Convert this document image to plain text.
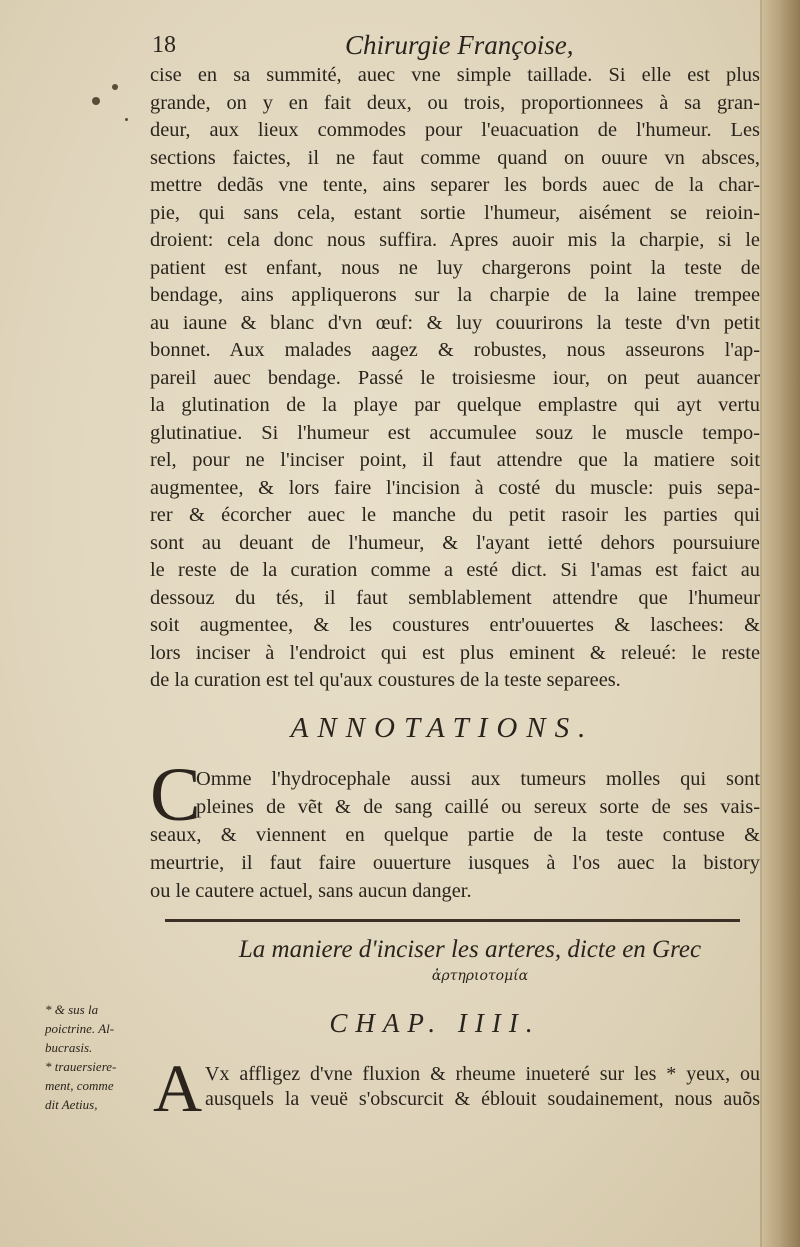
18	Chirurgie Françoise,
cise en sa summité, auec vne simple taillade. Si elle est plus
grande, on y en fait deux, ou trois, proportionnees à sa gran-
deur, aux lieux commodes pour l'euacuation de l'humeur. Les
sections faictes, il ne faut comme quand on ouure vn absces,
mettre dedãs vne tente, ains separer les bords auec de la char-
pie, qui sans cela, estant sortie l'humeur, aisément se reioin-
droient: cela donc nous suffira. Apres auoir mis la charpie, si le
patient est enfant, nous ne luy chargerons point la teste de
bendage, ains appliquerons sur la charpie de la laine trempee
au iaune & blanc d'vn œuf: & luy couurirons la teste d'vn petit
bonnet. Aux malades aagez & robustes, nous asseurons l'ap-
pareil auec bendage. Passé le troisiesme iour, on peut auancer
la glutination de la playe par quelque emplastre qui ayt vertu
glutinatiue. Si l'humeur est accumulee souz le muscle tempo-
rel, pour ne l'inciser point, il faut attendre que la matiere soit
augmentee, & lors faire l'incision à costé du muscle: puis sepa-
rer & écorcher auec le manche du petit rasoir les parties qui
sont au deuant de l'humeur, & l'ayant ietté dehors poursuiure
le reste de la curation comme a esté dict. Si l'amas est faict au
dessouz du tés, il faut semblablement attendre que l'humeur
soit augmentee, & les coustures entr'ouuertes & laschees: &
lors inciser à l'endroict qui est plus eminent & releué: le reste
de la curation est tel qu'aux coustures de la teste separees.
ANNOTATIONS.
C
Omme l'hydrocephale aussi aux tumeurs molles qui sont
pleines de vẽt & de sang caillé ou sereux sorte de ses vais-
seaux, & viennent en quelque partie de la teste contuse &
meurtrie, il faut faire ouuerture iusques à l'os auec la bistory
ou le cautere actuel, sans aucun danger.
La maniere d'inciser les arteres, dicte en Grec
ἀρτηριοτομία
CHAP. IIII.
A Vx affligez d'vne fluxion & rheume inueteré sur les * yeux, ou
ausquels la veuë s'obscurcit & éblouit soudainement, nous auõs
* & sus la
poictrine. Al-
bucrasis.
* trauersiere-
ment, comme
dit Aetius,
